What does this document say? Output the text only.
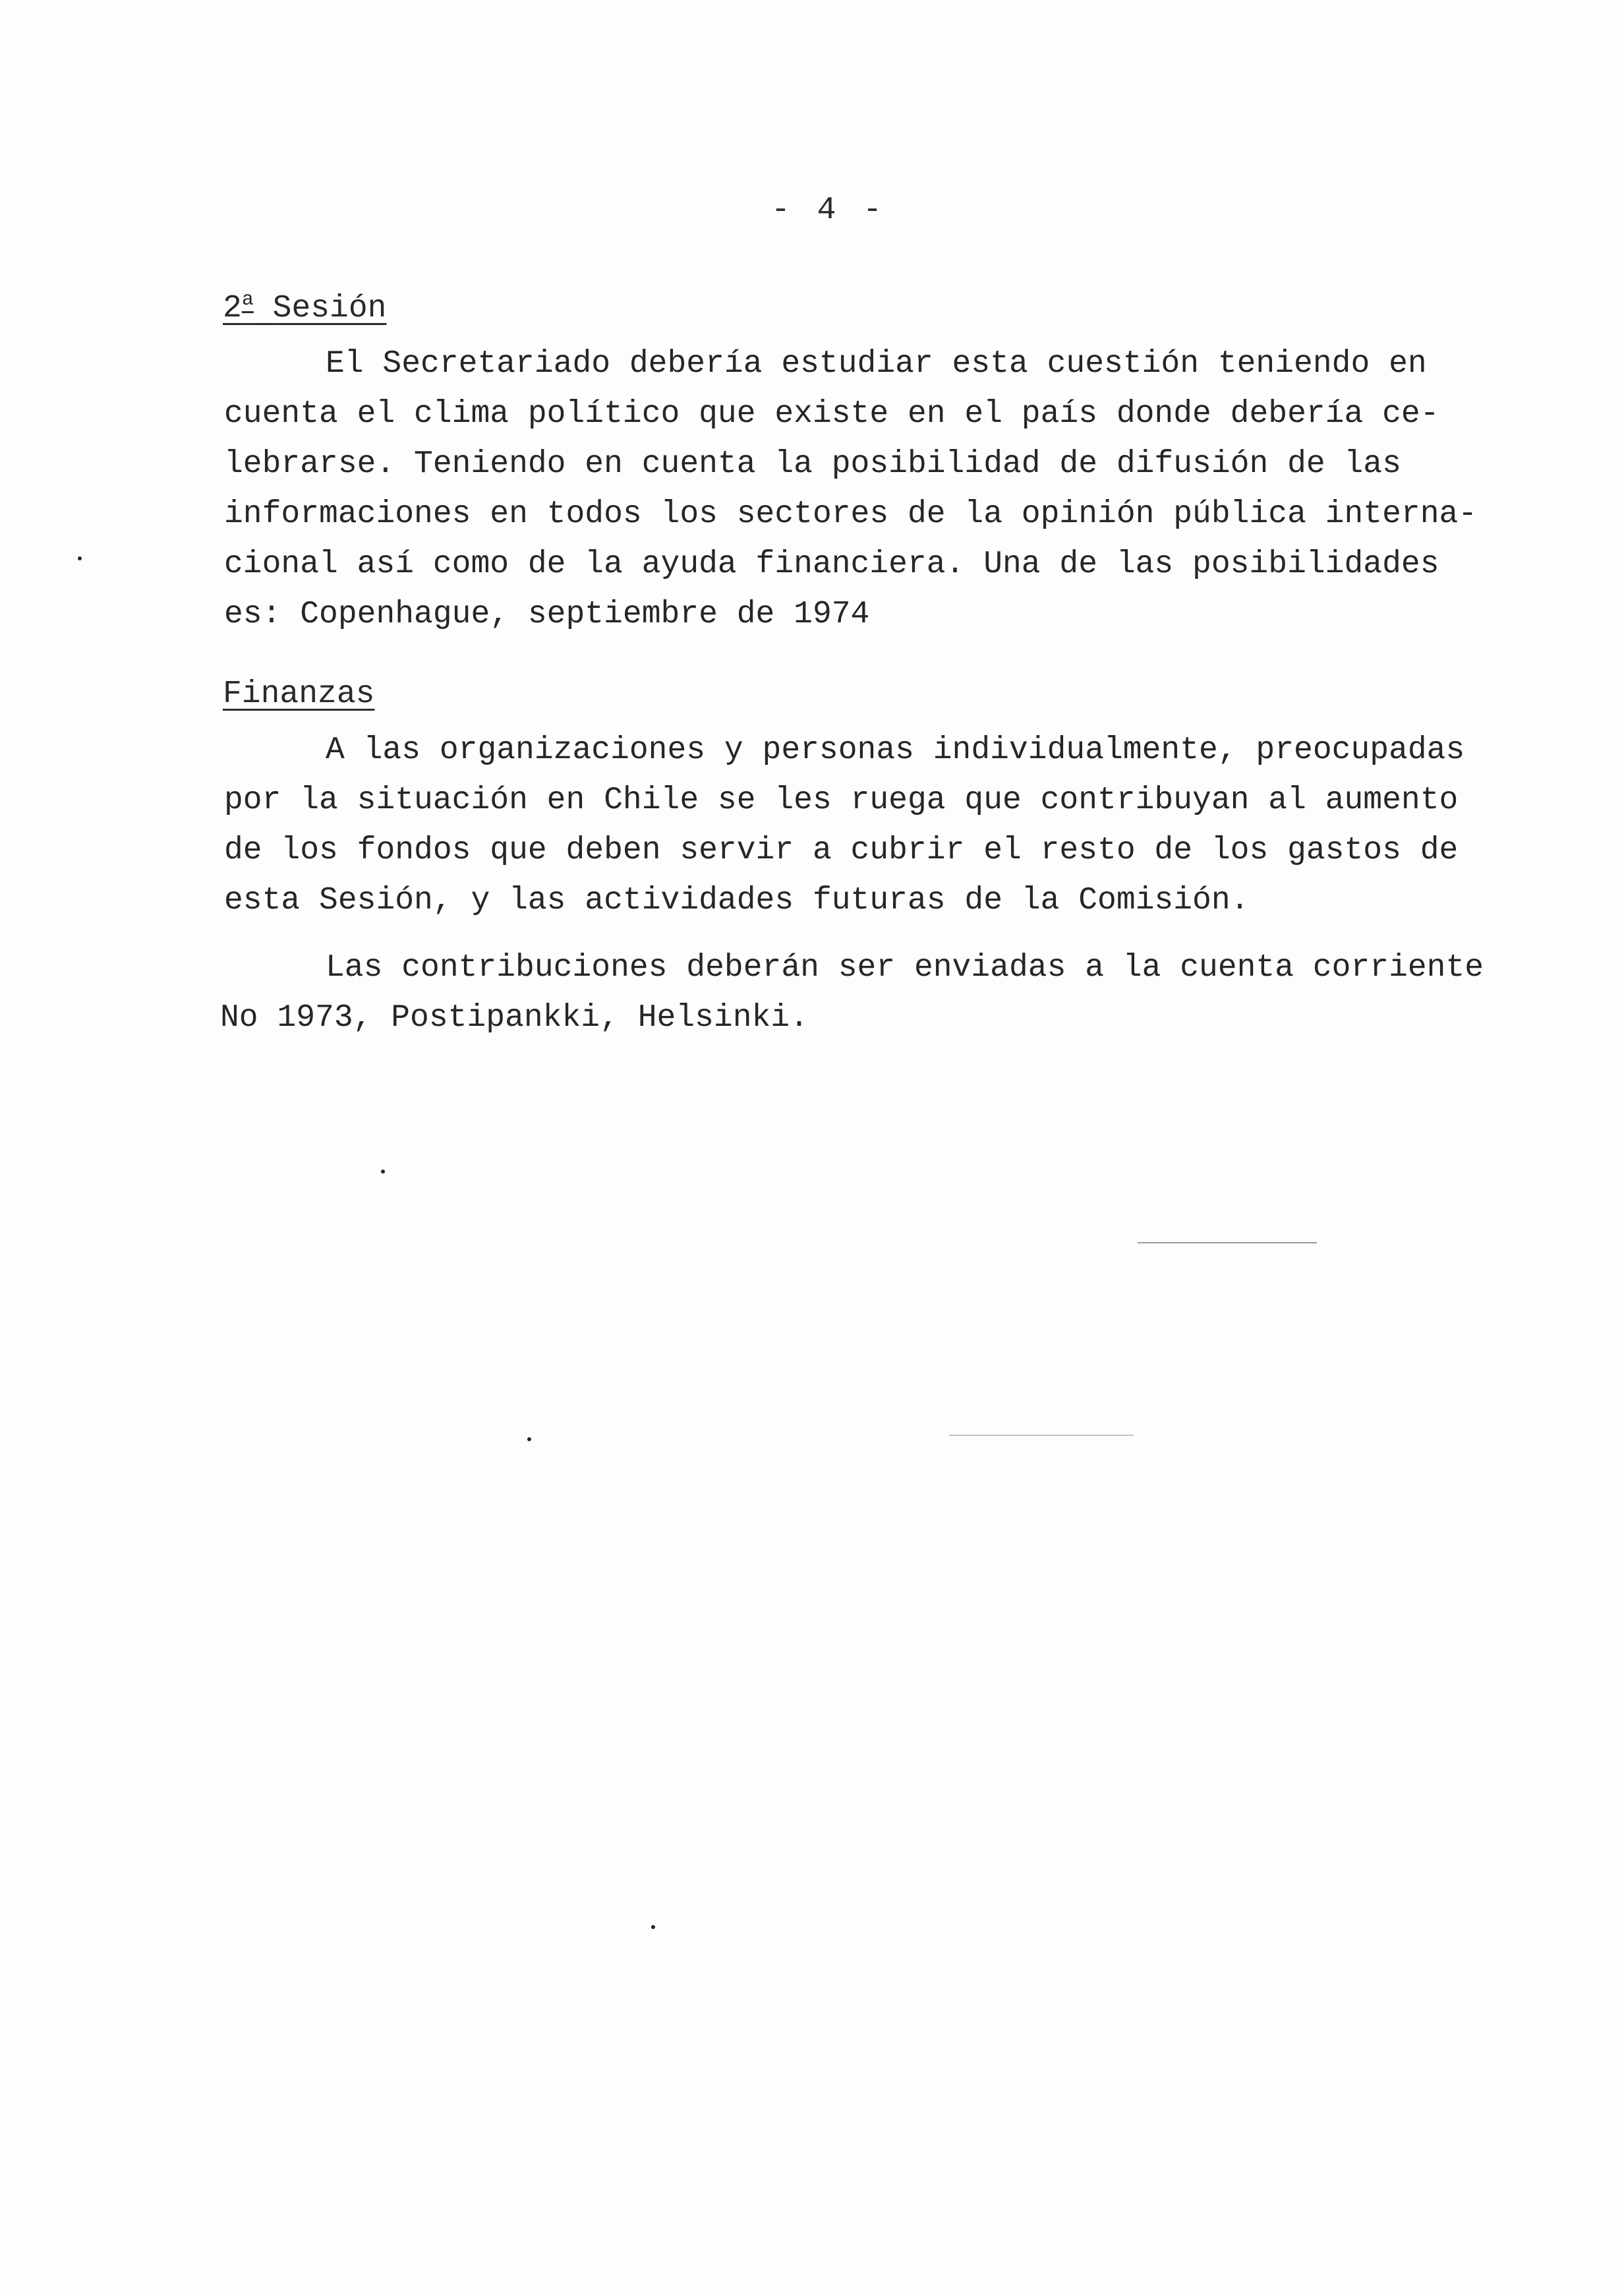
- 4 -
2$^a$ Sesión
El Secretariado debería estudiar esta cuestión teniendo en
cuenta el clima político que existe en el país donde debería ce-
lebrarse. Teniendo en cuenta la posibilidad de difusión de las
informaciones en todos los sectores de la opinión pública interna-
cional así como de la ayuda financiera. Una de las posibilidades
es: Copenhague, septiembre de 1974
Finanzas
A las organizaciones y personas individualmente, preocupadas
por la situación en Chile se les ruega que contribuyan al aumento
de los fondos que deben servir a cubrir el resto de los gastos de
esta Sesión, y las actividades futuras de la Comisión.
Las contribuciones deberán ser enviadas a la cuenta corriente
No 1973, Postipankki, Helsinki.
